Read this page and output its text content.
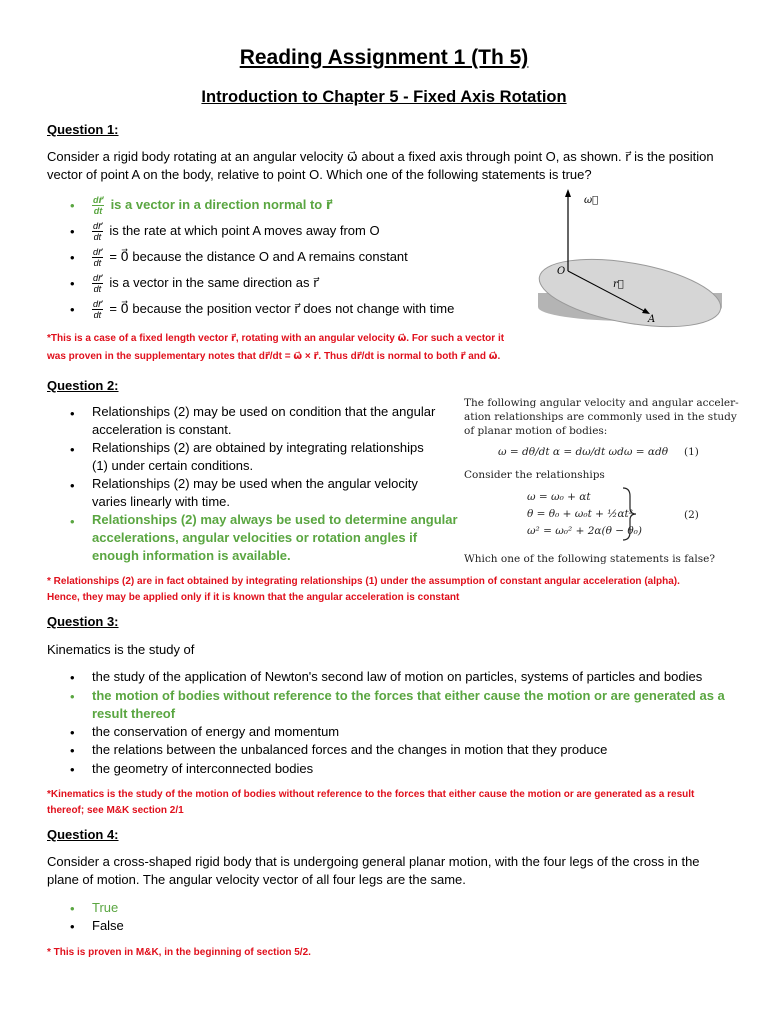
Reading Assignment 1 (Th 5)
Introduction to Chapter 5 - Fixed Axis Rotation
Question 1:
Consider a rigid body rotating at an angular velocity ω⃗ about a fixed axis through point O, as shown. r⃗ is the position
vector of point A on the body, relative to point O. Which one of the following statements is true?
• $\frac{dr⃗}{dt}$ is a vector in a direction normal to r⃗
• $\frac{dr⃗}{dt}$ is the rate at which point A moves away from O
• $\frac{dr⃗}{dt}$ = 0⃗ because the distance O and A remains constant
• $\frac{dr⃗}{dt}$ is a vector in the same direction as r⃗
• $\frac{dr⃗}{dt}$ = 0⃗ because the position vector r⃗ does not change with time
ω⃗
O
r⃗
A
*This is a case of a fixed length vector r⃗, rotating with an angular velocity ω⃗. For such a vector it
was proven in the supplementary notes that dr⃗/dt = ω⃗ × r⃗. Thus dr⃗/dt is normal to both r⃗ and ω⃗.
Question 2:
• Relationships (2) may be used on condition that the angular
acceleration is constant.
• Relationships (2) are obtained by integrating relationships
(1) under certain conditions.
• Relationships (2) may be used when the angular velocity
varies linearly with time.
• Relationships (2) may always be used to determine angular
accelerations, angular velocities or rotation angles if
enough information is available.
The following angular velocity and angular acceler-
ation relationships are commonly used in the study
of planar motion of bodies:
ω = dθ/dt α = dω/dt ωdω = αdθ (1)
Consider the relationships
ω = ω₀ + αt
θ = θ₀ + ω₀t + ½αt²
ω² = ω₀² + 2α(θ − θ₀)
(2)
Which one of the following statements is false?
* Relationships (2) are in fact obtained by integrating relationships (1) under the assumption of constant angular acceleration (alpha).
Hence, they may be applied only if it is known that the angular acceleration is constant
Question 3:
Kinematics is the study of
• the study of the application of Newton's second law of motion on particles, systems of particles and bodies
• the motion of bodies without reference to the forces that either cause the motion or are generated as a
result thereof
• the conservation of energy and momentum
• the relations between the unbalanced forces and the changes in motion that they produce
• the geometry of interconnected bodies
*Kinematics is the study of the motion of bodies without reference to the forces that either cause the motion or are generated as a result
thereof; see M&K section 2/1
Question 4:
Consider a cross-shaped rigid body that is undergoing general planar motion, with the four legs of the cross in the
plane of motion. The angular velocity vector of all four legs are the same.
• True
• False
* This is proven in M&K, in the beginning of section 5/2.
